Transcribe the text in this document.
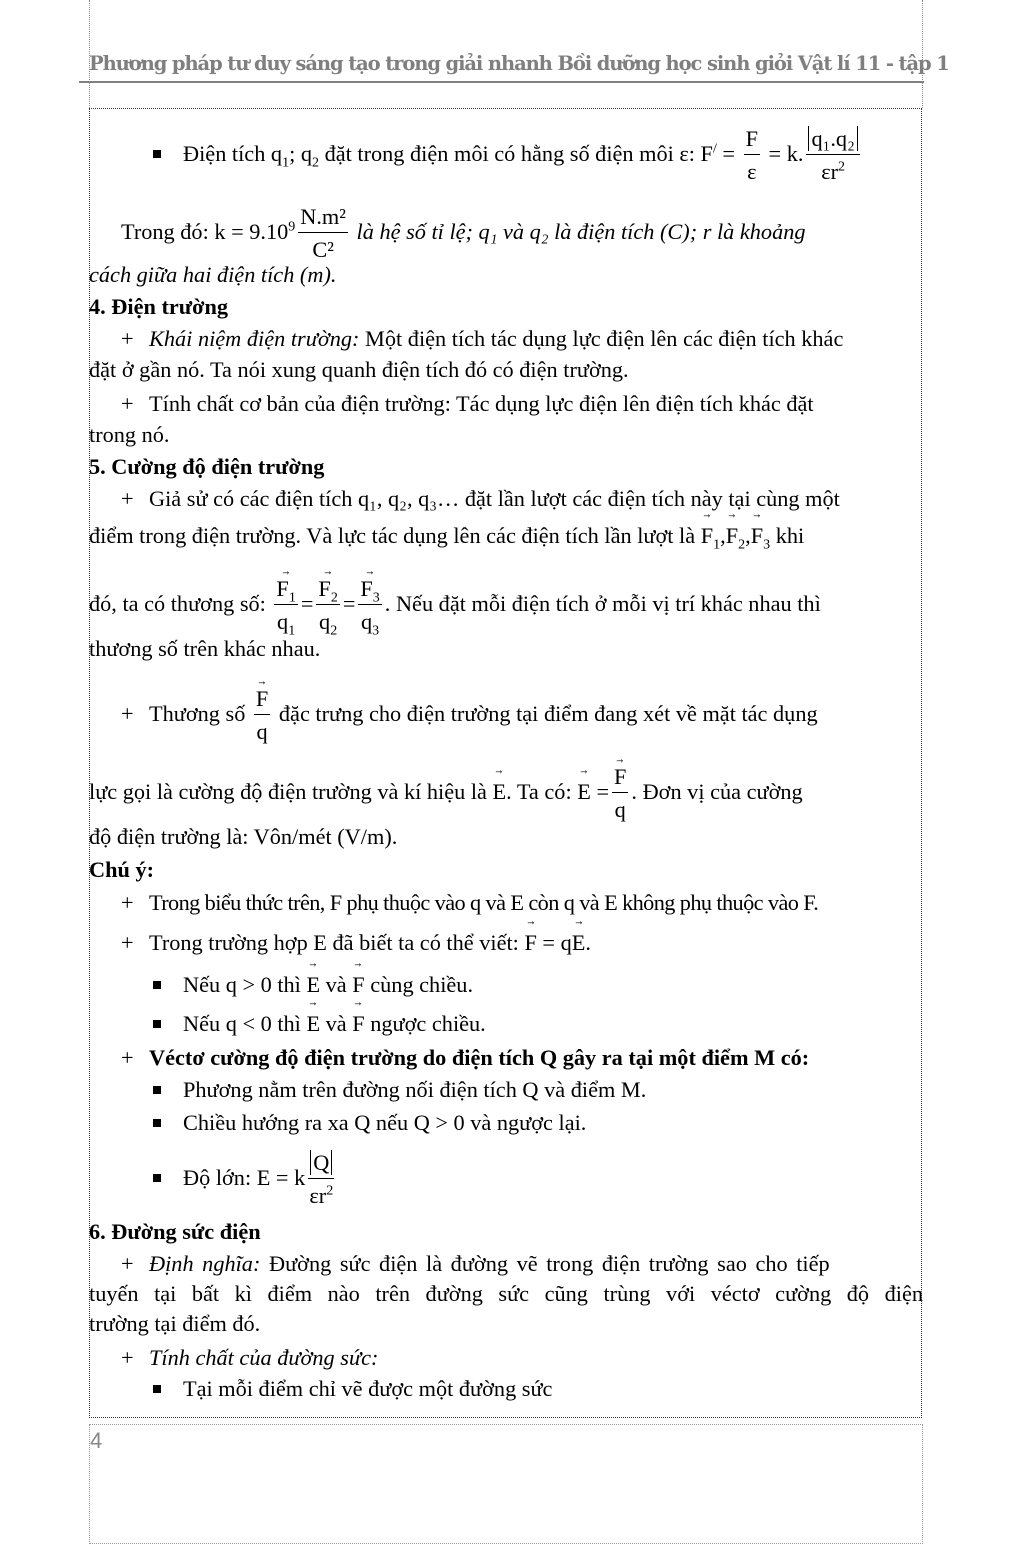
Phương pháp tư duy sáng tạo trong giải nhanh Bồi dưỡng học sinh giỏi Vật lí 11 - tập 1
Điện tích $q_1$; $q_2$ đặt trong điện môi có hằng số điện môi ε: $F^/ = \frac{F}{\varepsilon} = k$. $\frac{\text{q₁.q₂}}{\varepsilon r^2}$
Trong đó: $k = 9.10^9 \frac{\text{N.m²}}{\text{C²}}$ là hệ số tỉ lệ; q₁ và q₂ là điện tích (C); r là khoảng
cách giữa hai điện tích (m).
4. Điện trường
+ Khái niệm điện trường: Một điện tích tác dụng lực điện lên các điện tích khác
đặt ở gần nó. Ta nói xung quanh điện tích đó có điện trường.
+ Tính chất cơ bản của điện trường: Tác dụng lực điện lên điện tích khác đặt
trong nó.
5. Cường độ điện trường
+ Giả sử có các điện tích q₁, q₂, q₃… đặt lần lượt các điện tích này tại cùng một
điểm trong điện trường. Và lực tác dụng lên các điện tích lần lượt là → $F_1,\to F_2,\to F_3$ khi
đó, ta có thương số: → $\frac{F_1}{q_1}$ = → $\frac{F_2}{q_2}$ = → $\frac{F_3}{q_3}$ . Nếu đặt mỗi điện tích ở mỗi vị trí khác nhau thì
thương số trên khác nhau.
+ Thương số → $\frac{F}{q}$ đặc trưng cho điện trường tại điểm đang xét về mặt tác dụng
lực gọi là cường độ điện trường và kí hiệu là → E. Ta có: → E = → $\frac{F}{q}$ . Đơn vị của cường
độ điện trường là: Vôn/mét (V/m).
Chú ý:
+ Trong biểu thức trên, F phụ thuộc vào q và E còn q và E không phụ thuộc vào F.
+ Trong trường hợp E đã biết ta có thể viết: → F = q→ E.
Nếu q > 0 thì → E và → F cùng chiều.
Nếu q < 0 thì → E và → F ngược chiều.
+ Véctơ cường độ điện trường do điện tích Q gây ra tại một điểm M có:
Phương nằm trên đường nối điện tích Q và điểm M.
Chiều hướng ra xa Q nếu Q > 0 và ngược lại.
Độ lớn: E = k $\frac{Q}{\varepsilon r^2}$
6. Đường sức điện
+ Định nghĩa: Đường sức điện là đường vẽ trong điện trường sao cho tiếp
tuyến tại bất kì điểm nào trên đường sức cũng trùng với véctơ cường độ điện
trường tại điểm đó.
+ Tính chất của đường sức:
Tại mỗi điểm chỉ vẽ được một đường sức
4
